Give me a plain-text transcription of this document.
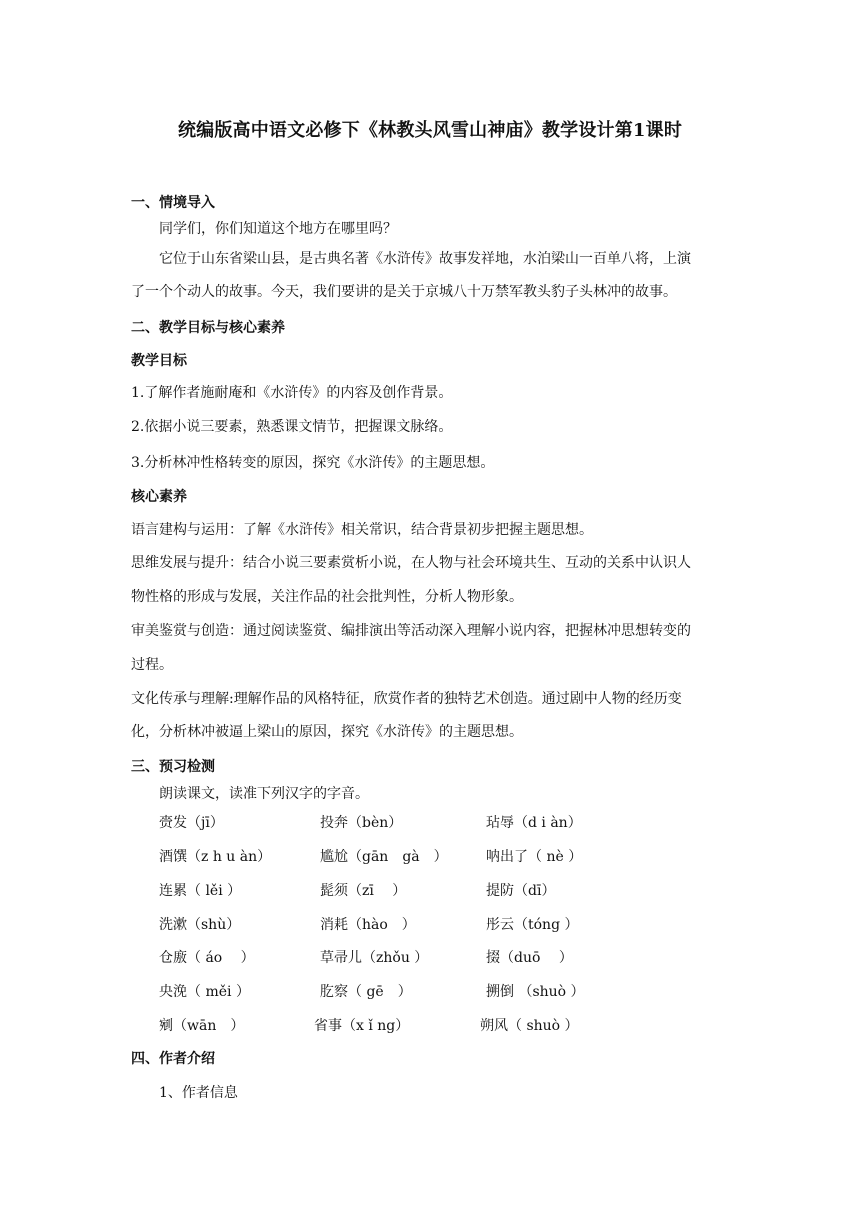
统编版高中语文必修下《林教头风雪山神庙》教学设计第1课时
一、情境导入
同学们，你们知道这个地方在哪里吗？
它位于山东省梁山县，是古典名著《水浒传》故事发祥地，水泊梁山一百单八将，上演
了一个个动人的故事。今天，我们要讲的是关于京城八十万禁军教头豹子头林冲的故事。
二、教学目标与核心素养
教学目标
1.了解作者施耐庵和《水浒传》的内容及创作背景。
2.依据小说三要素，熟悉课文情节，把握课文脉络。
3.分析林冲性格转变的原因，探究《水浒传》的主题思想。
核心素养
语言建构与运用：了解《水浒传》相关常识，结合背景初步把握主题思想。
思维发展与提升：结合小说三要素赏析小说，在人物与社会环境共生、互动的关系中认识人
物性格的形成与发展，关注作品的社会批判性，分析人物形象。
审美鉴赏与创造：通过阅读鉴赏、编排演出等活动深入理解小说内容，把握林冲思想转变的
过程。
文化传承与理解:理解作品的风格特征，欣赏作者的独特艺术创造。通过剧中人物的经历变
化，分析林冲被逼上梁山的原因，探究《水浒传》的主题思想。
三、预习检测
朗读课文，读准下列汉字的字音。
赍发（jī）	投奔（bèn）	玷辱（d i àn）
酒馔（z h u àn）	尴尬（gān　gà　）	呐出了（ nè ）
连累（ lěi ）	髭须（zī　 ）	提防（dī）
洗漱（shù）	消耗（hào　）	彤云（tóng ）
仓廒（ áo　 ）	草帚儿（zhǒu ）	掇（duō　 ）
央浼（ měi ）	肐察（ gē　）	搠倒 （shuò ）
剜（wān　）	省事（x ǐ ng）	朔风（ shuò ）
四、作者介绍
1、作者信息
